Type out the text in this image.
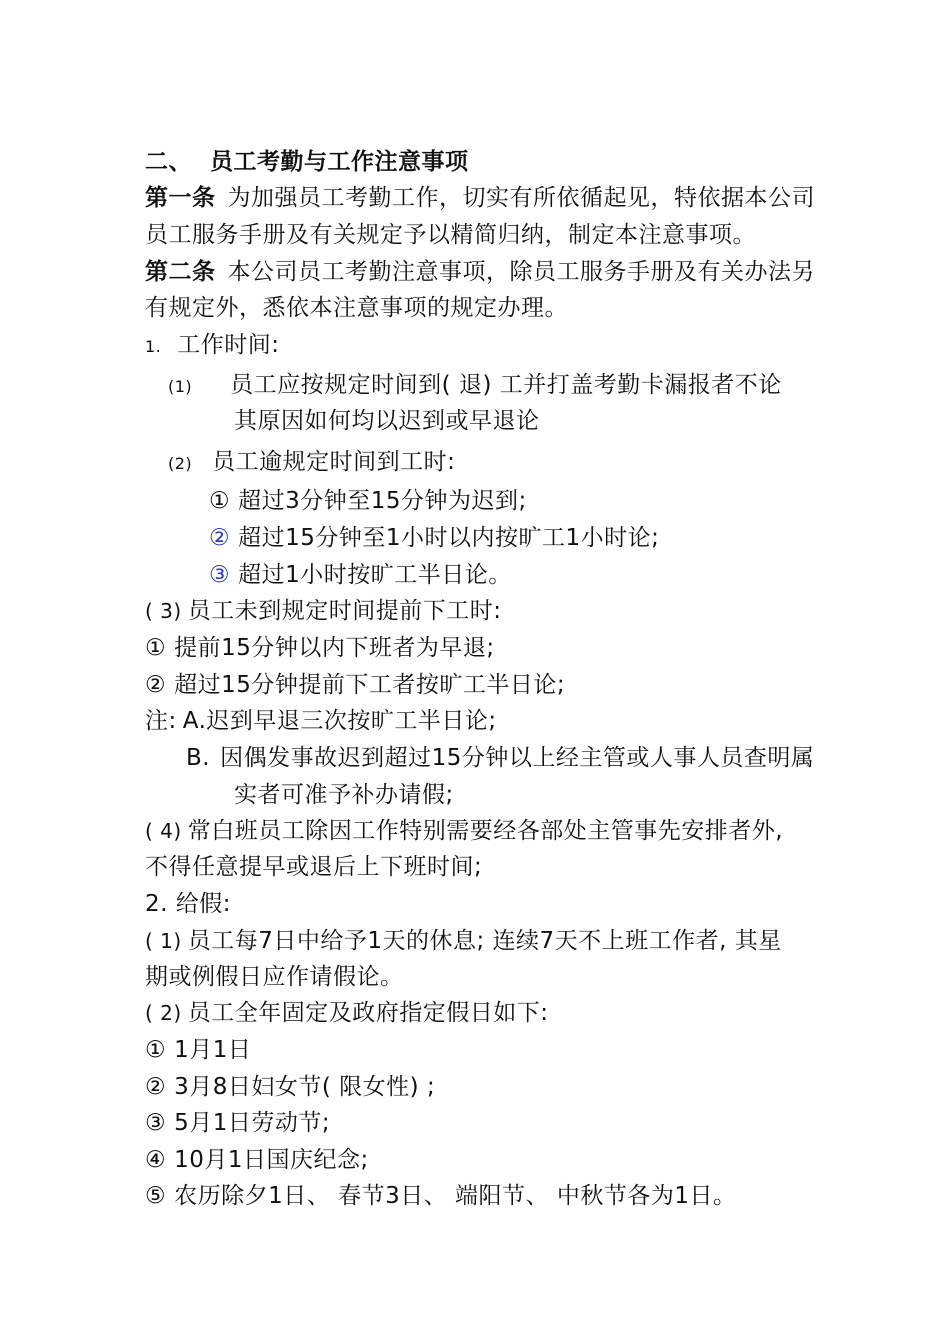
二、 员工考勤与工作注意事项
第一条 为加强员工考勤工作，切实有所依循起见，特依据本公司
员工服务手册及有关规定予以精简归纳，制定本注意事项。
第二条 本公司员工考勤注意事项，除员工服务手册及有关办法另
有规定外，悉依本注意事项的规定办理。
1. 工作时间:
(1) 员工应按规定时间到( 退) 工并打盖考勤卡漏报者不论
其原因如何均以迟到或早退论
(2) 员工逾规定时间到工时:
① 超过3分钟至15分钟为迟到;
② 超过15分钟至1小时以内按旷工1小时论;
③ 超过1小时按旷工半日论。
( 3) 员工未到规定时间提前下工时:
① 提前15分钟以内下班者为早退;
② 超过15分钟提前下工者按旷工半日论;
注: A.迟到早退三次按旷工半日论;
B. 因偶发事故迟到超过15分钟以上经主管或人事人员查明属
实者可准予补办请假;
( 4) 常白班员工除因工作特别需要经各部处主管事先安排者外,
不得任意提早或退后上下班时间;
2. 给假:
( 1) 员工每7日中给予1天的休息; 连续7天不上班工作者, 其星
期或例假日应作请假论。
( 2) 员工全年固定及政府指定假日如下:
① 1月1日
② 3月8日妇女节( 限女性) ;
③ 5月1日劳动节;
④ 10月1日国庆纪念;
⑤ 农历除夕1日、 春节3日、 端阳节、 中秋节各为1日。
